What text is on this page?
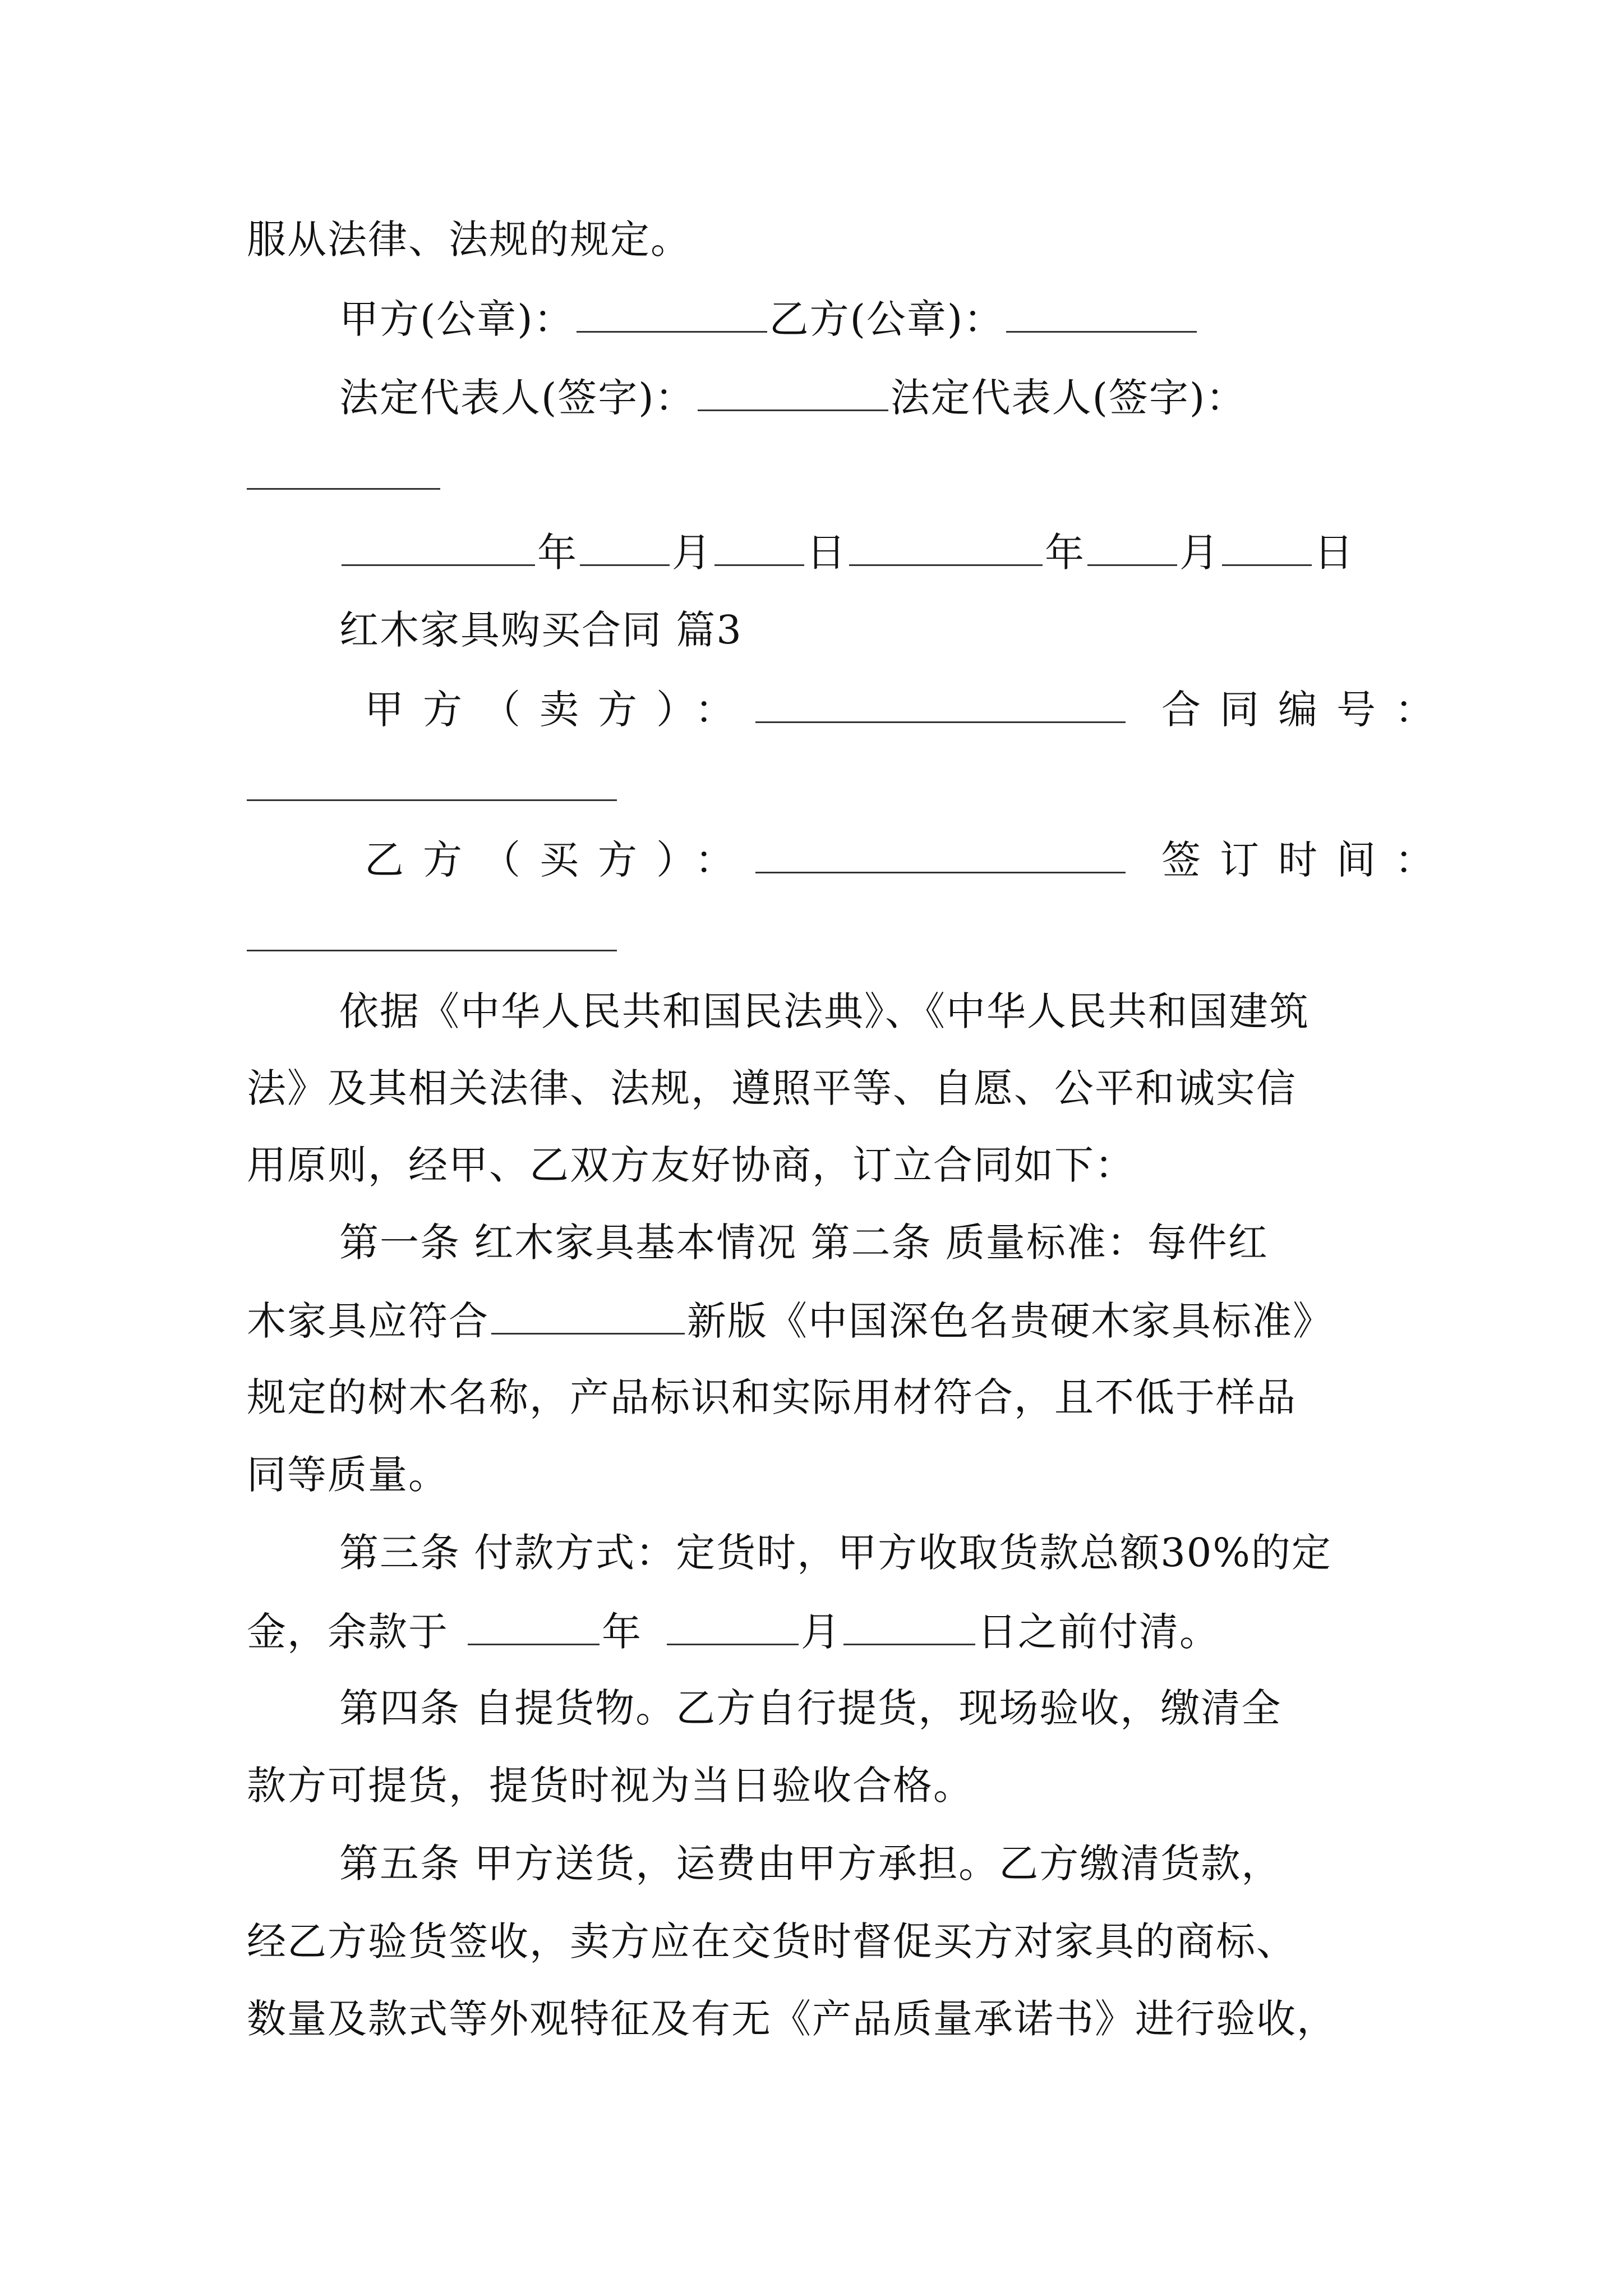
服从法律、法规的规定。
甲方(公章)：	乙方(公章)：
法定代表人(签字)：	法定代表人(签字)：
年 月 日	年 月 日
红木家具购买合同 篇3
甲方（卖方）：	合同编号：
乙方（买方）：	签订时间：
依据《中华人民共和国民法典》、《中华人民共和国建筑
法》及其相关法律、法规，遵照平等、自愿、公平和诚实信
用原则，经甲、乙双方友好协商，订立合同如下：
第一条 红木家具基本情况 第二条 质量标准：每件红
木家具应符合	新版《中国深色名贵硬木家具标准》
规定的树木名称，产品标识和实际用材符合，且不低于样品
同等质量。
第三条 付款方式：定货时，甲方收取货款总额30%的定
金，余款于	年	月	日之前付清。
第四条 自提货物。乙方自行提货，现场验收，缴清全
款方可提货，提货时视为当日验收合格。
第五条 甲方送货，运费由甲方承担。乙方缴清货款，
经乙方验货签收，卖方应在交货时督促买方对家具的商标、
数量及款式等外观特征及有无《产品质量承诺书》进行验收，
